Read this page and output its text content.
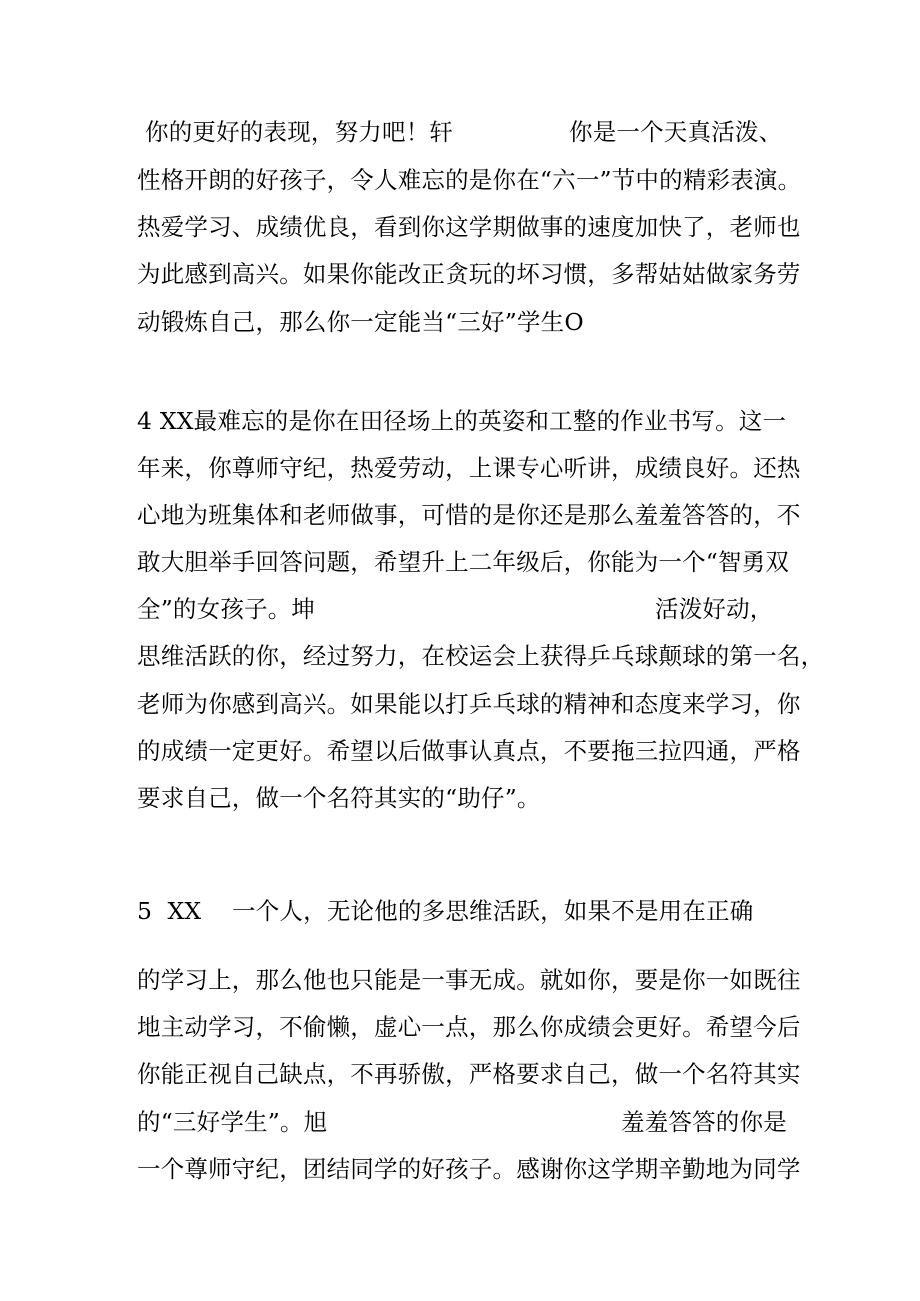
你的更好的表现，努力吧！轩	你是一个天真活泼、
性格开朗的好孩子，令人难忘的是你在“六一”节中的精彩表演。
热爱学习、成绩优良，看到你这学期做事的速度加快了，老师也
为此感到高兴。如果你能改正贪玩的坏习惯，多帮姑姑做家务劳
动锻炼自己，那么你一定能当“三好”学生O
4 XX最难忘的是你在田径场上的英姿和工整的作业书写。这一
年来，你尊师守纪，热爱劳动，上课专心听讲，成绩良好。还热
心地为班集体和老师做事，可惜的是你还是那么羞羞答答的，不
敢大胆举手回答问题，希望升上二年级后，你能为一个“智勇双
全”的女孩子。坤	活泼好动，
思维活跃的你，经过努力，在校运会上获得乒乓球颠球的第一名，
老师为你感到高兴。如果能以打乒乓球的精神和态度来学习，你
的成绩一定更好。希望以后做事认真点，不要拖三拉四通，严格
要求自己，做一个名符其实的“助仔”。
5  XX    一个人，无论他的多思维活跃，如果不是用在正确
的学习上，那么他也只能是一事无成。就如你，要是你一如既往
地主动学习，不偷懒，虚心一点，那么你成绩会更好。希望今后
你能正视自己缺点，不再骄傲，严格要求自己，做一个名符其实
的“三好学生”。旭	羞羞答答的你是
一个尊师守纪，团结同学的好孩子。感谢你这学期辛勤地为同学
